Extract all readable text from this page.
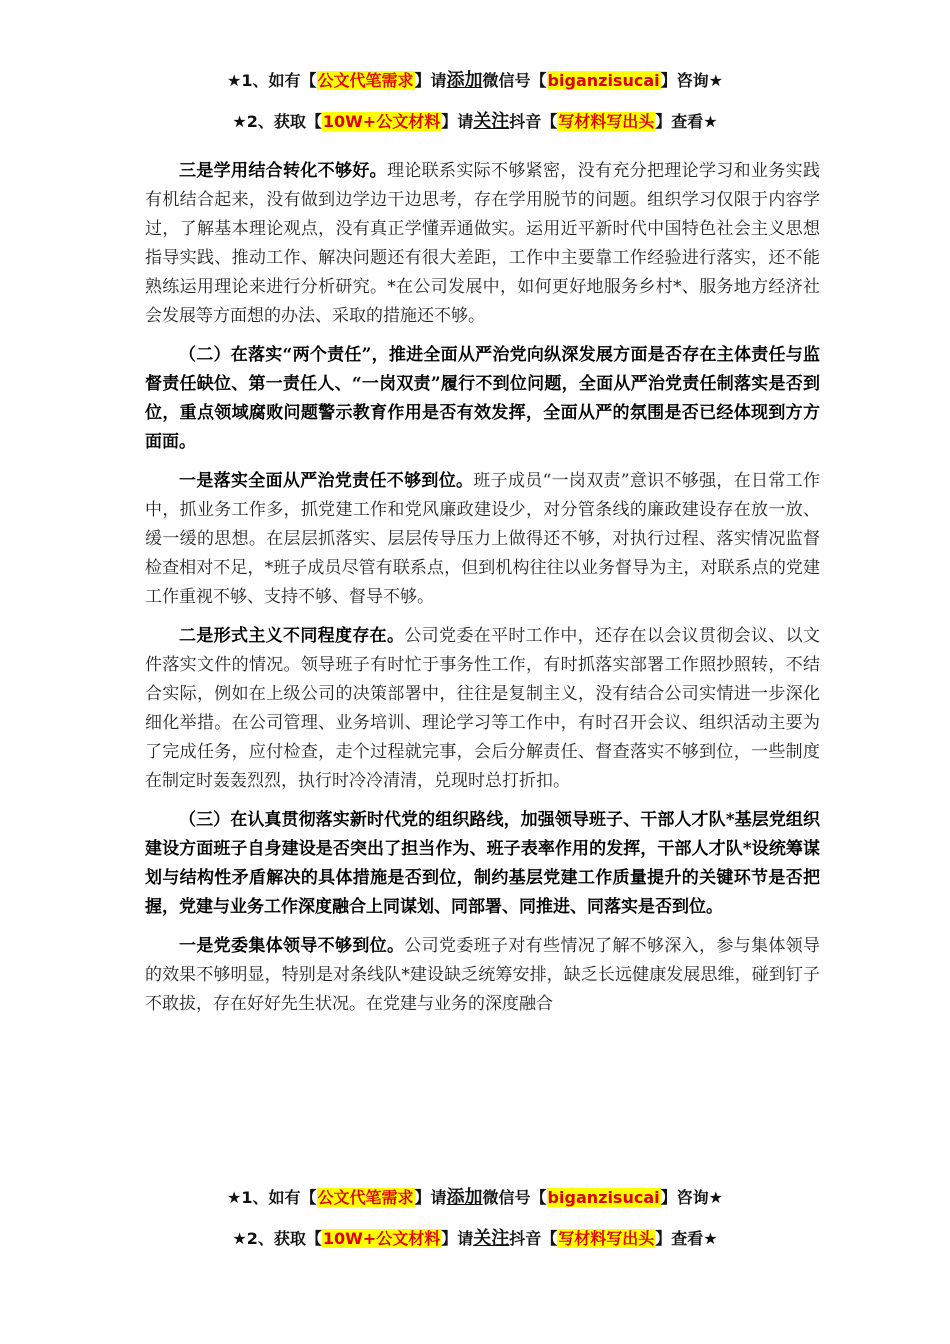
★1、如有【公文代笔需求】请添加微信号【biganzisucai】咨询★
★2、获取【10W+公文材料】请关注抖音【写材料写出头】查看★

三是学用结合转化不够好。理论联系实际不够紧密，没有充分把理论学习和业务实践有机结合起来，没有做到边学边干边思考，存在学用脱节的问题。组织学习仅限于内容学过，了解基本理论观点，没有真正学懂弄通做实。运用近平新时代中国特色社会主义思想指导实践、推动工作、解决问题还有很大差距，工作中主要靠工作经验进行落实，还不能熟练运用理论来进行分析研究。*在公司发展中，如何更好地服务乡村*、服务地方经济社会发展等方面想的办法、采取的措施还不够。

（二）在落实“两个责任”，推进全面从严治党向纵深发展方面是否存在主体责任与监督责任缺位、第一责任人、“一岗双责”履行不到位问题，全面从严治党责任制落实是否到位，重点领域腐败问题警示教育作用是否有效发挥，全面从严的氛围是否已经体现到方方面面。

一是落实全面从严治党责任不够到位。班子成员“一岗双责”意识不够强，在日常工作中，抓业务工作多，抓党建工作和党风廉政建设少，对分管条线的廉政建设存在放一放、缓一缓的思想。在层层抓落实、层层传导压力上做得还不够，对执行过程、落实情况监督检查相对不足，*班子成员尽管有联系点，但到机构往往以业务督导为主，对联系点的党建工作重视不够、支持不够、督导不够。

二是形式主义不同程度存在。公司党委在平时工作中，还存在以会议贯彻会议、以文件落实文件的情况。领导班子有时忙于事务性工作，有时抓落实部署工作照抄照转，不结合实际，例如在上级公司的决策部署中，往往是复制主义，没有结合公司实情进一步深化细化举措。在公司管理、业务培训、理论学习等工作中，有时召开会议、组织活动主要为了完成任务，应付检查，走个过程就完事，会后分解责任、督查落实不够到位，一些制度在制定时轰轰烈烈，执行时冷冷清清，兑现时总打折扣。

（三）在认真贯彻落实新时代党的组织路线，加强领导班子、干部人才队*基层党组织建设方面班子自身建设是否突出了担当作为、班子表率作用的发挥，干部人才队*设统筹谋划与结构性矛盾解决的具体措施是否到位，制约基层党建工作质量提升的关键环节是否把握，党建与业务工作深度融合上同谋划、同部署、同推进、同落实是否到位。

一是党委集体领导不够到位。公司党委班子对有些情况了解不够深入，参与集体领导的效果不够明显，特别是对条线队*建设缺乏统筹安排，缺乏长远健康发展思维，碰到钉子不敢拔，存在好好先生状况。在党建与业务的深度融合

★1、如有【公文代笔需求】请添加微信号【biganzisucai】咨询★
★2、获取【10W+公文材料】请关注抖音【写材料写出头】查看★
